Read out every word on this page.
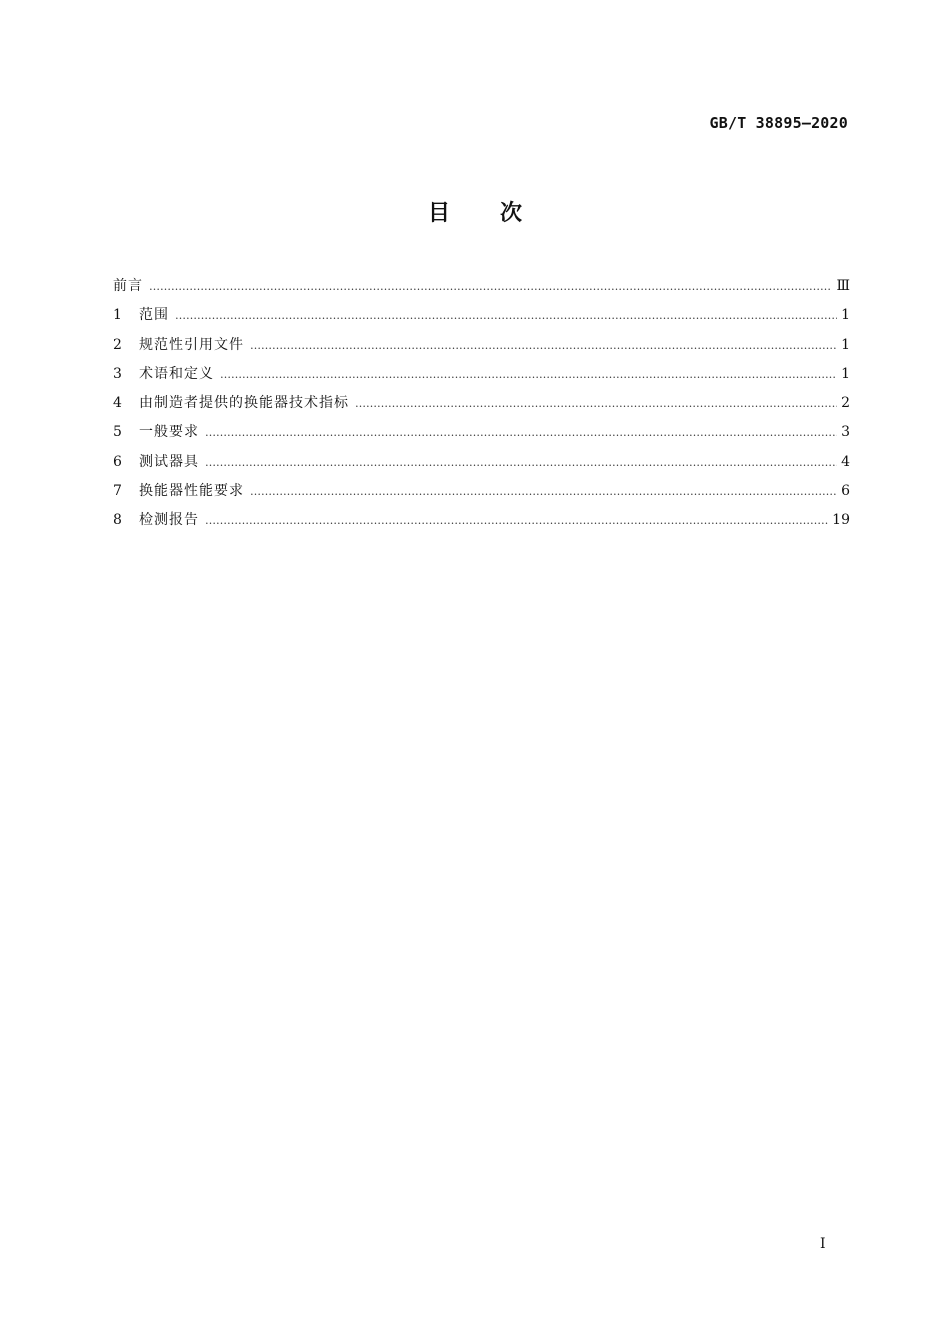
GB/T 38895—2020
目次
前言 …………………………………………………………………………………………………………………………………………………………………………………………………………………………………………………………	Ⅲ
1	范围 …………………………………………………………………………………………………………………………………………………………………………………………………………………………………………………………	1
2	规范性引用文件 …………………………………………………………………………………………………………………………………………………………………………………………………………………………………………………………	1
3	术语和定义 …………………………………………………………………………………………………………………………………………………………………………………………………………………………………………………………	1
4	由制造者提供的换能器技术指标 …………………………………………………………………………………………………………………………………………………………………………………………………………………………………………………………	2
5	一般要求 …………………………………………………………………………………………………………………………………………………………………………………………………………………………………………………………	3
6	测试器具 …………………………………………………………………………………………………………………………………………………………………………………………………………………………………………………………	4
7	换能器性能要求 …………………………………………………………………………………………………………………………………………………………………………………………………………………………………………………………	6
8	检测报告 …………………………………………………………………………………………………………………………………………………………………………………………………………………………………………………………	19
I
